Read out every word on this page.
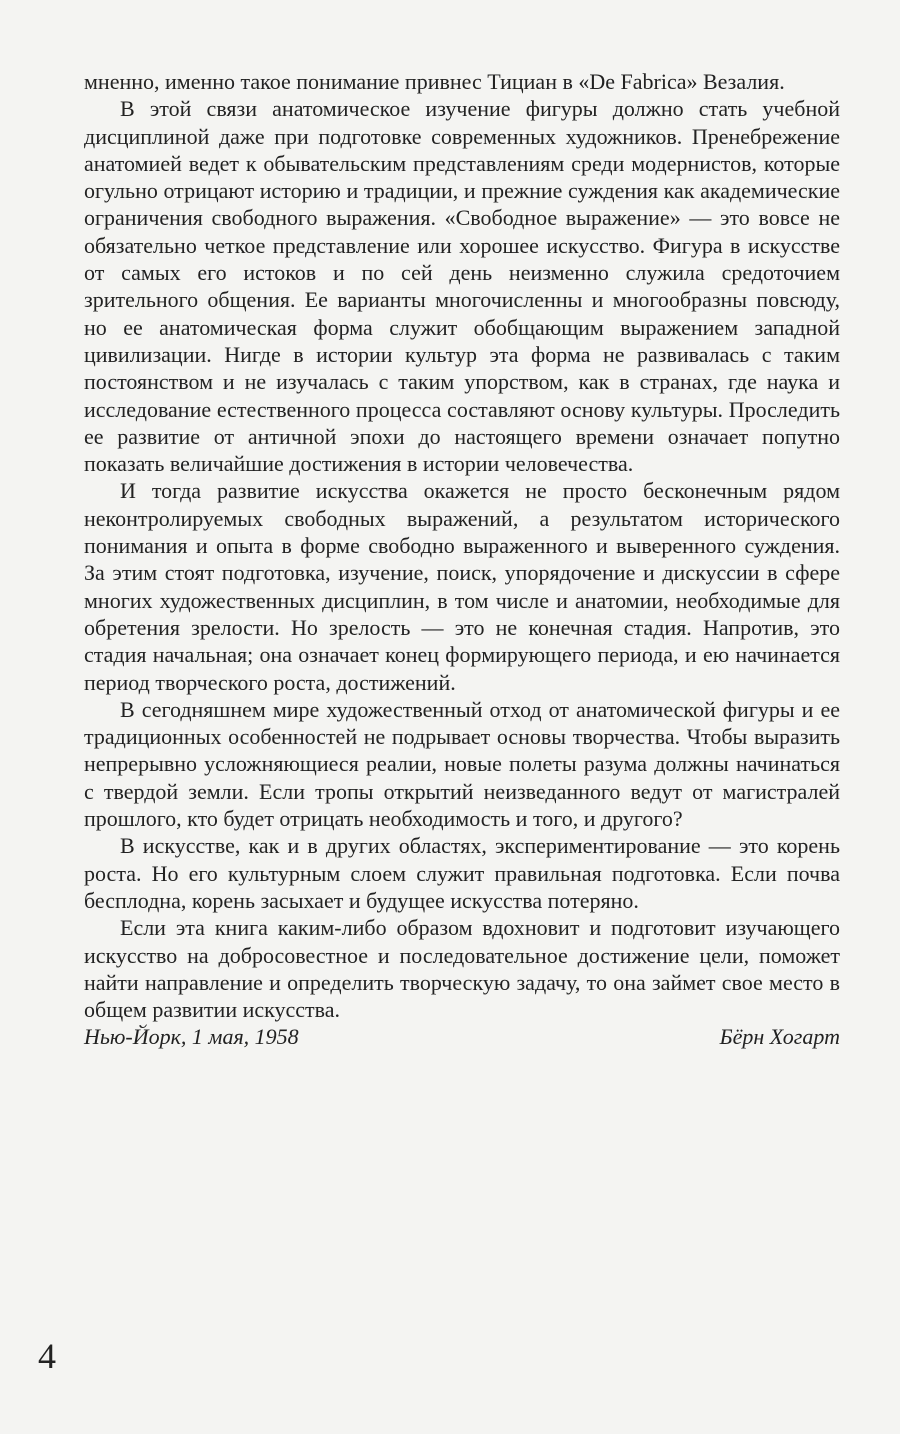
мненно, именно такое понимание привнес Тициан в «De Fabrica» Везалия.

В этой связи анатомическое изучение фигуры должно стать учебной дисциплиной даже при подготовке современных художников. Пренебрежение анатомией ведет к обывательским представлениям среди модернистов, которые огульно отрицают историю и традиции, и прежние суждения как академические ограничения свободного выражения. «Свободное выражение» — это вовсе не обязательно четкое представление или хорошее искусство. Фигура в искусстве от самых его истоков и по сей день неизменно служила средоточием зрительного общения. Ее варианты многочисленны и многообразны повсюду, но ее анатомическая форма служит обобщающим выражением западной цивилизации. Нигде в истории культур эта форма не развивалась с таким постоянством и не изучалась с таким упорством, как в странах, где наука и исследование естественного процесса составляют основу культуры. Проследить ее развитие от античной эпохи до настоящего времени означает попутно показать величайшие достижения в истории человечества.

И тогда развитие искусства окажется не просто бесконечным рядом неконтролируемых свободных выражений, а результатом исторического понимания и опыта в форме свободно выраженного и выверенного суждения. За этим стоят подготовка, изучение, поиск, упорядочение и дискуссии в сфере многих художественных дисциплин, в том числе и анатомии, необходимые для обретения зрелости. Но зрелость — это не конечная стадия. Напротив, это стадия начальная; она означает конец формирующего периода, и ею начинается период творческого роста, достижений.

В сегодняшнем мире художественный отход от анатомической фигуры и ее традиционных особенностей не подрывает основы творчества. Чтобы выразить непрерывно усложняющиеся реалии, новые полеты разума должны начинаться с твердой земли. Если тропы открытий неизведанного ведут от магистралей прошлого, кто будет отрицать необходимость и того, и другого?

В искусстве, как и в других областях, экспериментирование — это корень роста. Но его культурным слоем служит правильная подготовка. Если почва бесплодна, корень засыхает и будущее искусства потеряно.

Если эта книга каким-либо образом вдохновит и подготовит изучающего искусство на добросовестное и последовательное достижение цели, поможет найти направление и определить творческую задачу, то она займет свое место в общем развитии искусства.

Нью-Йорк, 1 мая, 1958	Бёрн Хогарт
4
